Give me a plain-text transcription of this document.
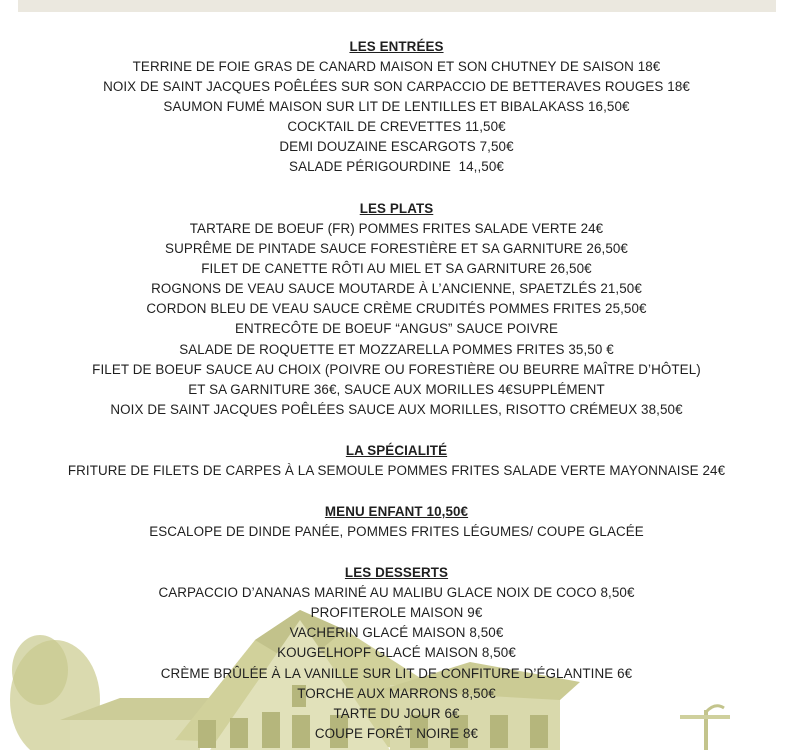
LES ENTRÉES
TERRINE DE FOIE GRAS DE CANARD MAISON ET SON CHUTNEY DE SAISON 18€
NOIX DE SAINT JACQUES POÊLÉES SUR SON CARPACCIO DE BETTERAVES ROUGES 18€
SAUMON FUMÉ MAISON SUR LIT DE LENTILLES ET BIBALAKASS 16,50€
COCKTAIL DE CREVETTES 11,50€
DEMI DOUZAINE ESCARGOTS 7,50€
SALADE PÉRIGOURDINE  14,,50€
LES PLATS
TARTARE DE BOEUF (FR) POMMES FRITES SALADE VERTE 24€
SUPRÊME DE PINTADE SAUCE FORESTIÈRE ET SA GARNITURE 26,50€
FILET DE CANETTE RÔTI AU MIEL ET SA GARNITURE 26,50€
ROGNONS DE VEAU SAUCE MOUTARDE À L’ANCIENNE, SPAETZLÉS 21,50€
CORDON BLEU DE VEAU SAUCE CRÈME CRUDITÉS POMMES FRITES 25,50€
ENTRECÔTE DE BOEUF “ANGUS” SAUCE POIVRE
SALADE DE ROQUETTE ET MOZZARELLA POMMES FRITES 35,50 €
FILET DE BOEUF SAUCE AU CHOIX (POIVRE OU FORESTIÈRE OU BEURRE MAÎTRE D’HÔTEL)
ET SA GARNITURE 36€, SAUCE AUX MORILLES 4€SUPPLÉMENT
NOIX DE SAINT JACQUES POÊLÉES SAUCE AUX MORILLES, RISOTTO CRÉMEUX 38,50€
LA SPÉCIALITÉ
FRITURE DE FILETS DE CARPES À LA SEMOULE POMMES FRITES SALADE VERTE MAYONNAISE 24€
MENU ENFANT 10,50€
ESCALOPE DE DINDE PANÉE, POMMES FRITES LÉGUMES/ COUPE GLACÉE
LES DESSERTS
CARPACCIO D’ANANAS MARINÉ AU MALIBU GLACE NOIX DE COCO 8,50€
PROFITEROLE MAISON 9€
VACHERIN GLACÉ MAISON 8,50€
KOUGELHOPF GLACÉ MAISON 8,50€
CRÈME BRÛLÉE À LA VANILLE SUR LIT DE CONFITURE D’ÉGLANTINE 6€
TORCHE AUX MARRONS 8,50€
TARTE DU JOUR 6€
COUPE FORÊT NOIRE 8€
